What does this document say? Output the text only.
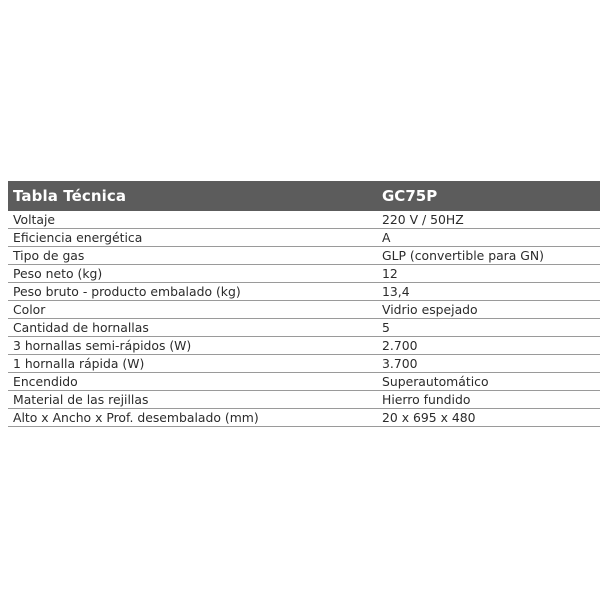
Tabla Técnica	GC75P
Voltaje	220 V / 50HZ
Eficiencia energética	A
Tipo de gas	GLP (convertible para GN)
Peso neto (kg)	12
Peso bruto - producto embalado (kg)	13,4
Color	Vidrio espejado
Cantidad de hornallas	5
3 hornallas semi-rápidos (W)	2.700
1 hornalla rápida (W)	3.700
Encendido	Superautomático
Material de las rejillas	Hierro fundido
Alto x Ancho x Prof. desembalado (mm)	20 x 695 x 480
